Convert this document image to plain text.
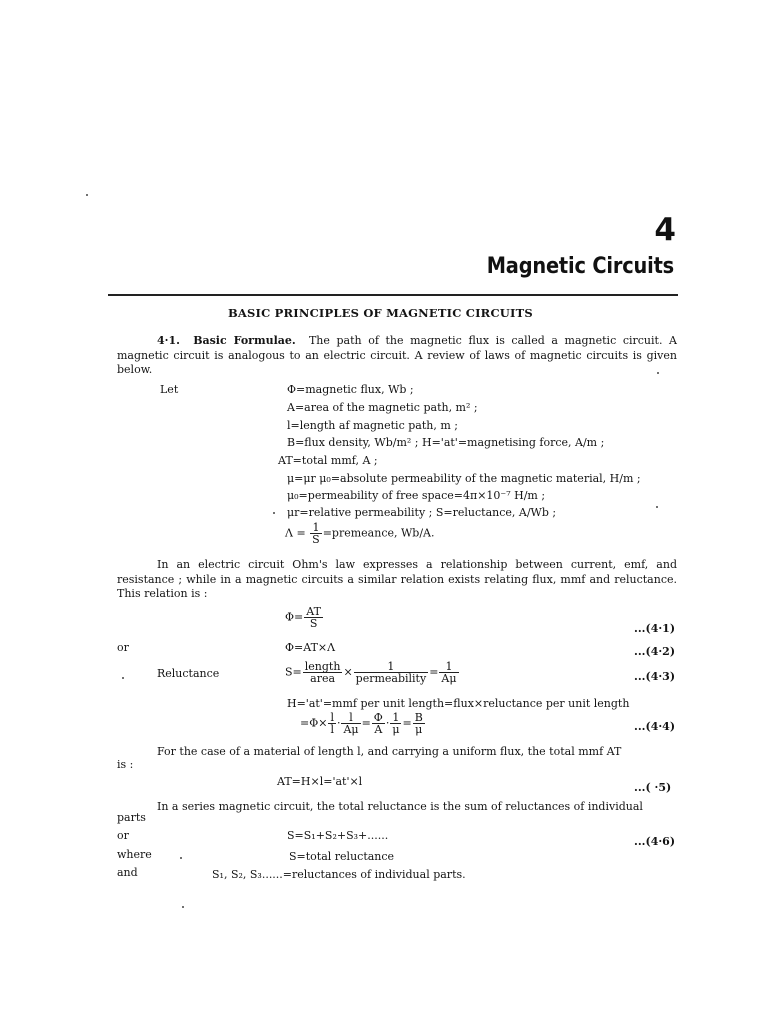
4
Magnetic Circuits
BASIC PRINCIPLES OF MAGNETIC CIRCUITS
4·1. Basic Formulae. The path of the magnetic flux is called a magnetic circuit. A magnetic circuit is analogous to an electric circuit. A review of laws of magnetic circuits is given below.
Let	Φ=magnetic flux, Wb ;
A=area of the magnetic path, m² ;
l=length af magnetic path, m ;
B=flux density, Wb/m² ; H='at'=magnetising force, A/m ;
AT=total mmf, A ;
μ=μr μ₀=absolute permeability of the magnetic material, H/m ;
μ₀=permeability of free space=4π×10⁻⁷ H/m ;
μr=relative permeability ; S=reluctance, A/Wb ;
$\Lambda = \frac{1}{S}$ =premeance, Wb/A.
In an electric circuit Ohm's law expresses a relationship between current, emf, and resistance ; while in a magnetic circuits a similar relation exists relating flux, mmf and reluctance. This relation is :
$\Phi= \frac{AT}{S}$	...(4·1)
or	Φ=AT×Λ	...(4·2)
Reluctance	$S= \frac{\text{length}}{\text{area}} \times \frac{1}{\text{permeability}} = \frac{1}{A\mu}$	...(4·3)
H='at'=mmf per unit length=flux×reluctance per unit length
$=\Phi\times \frac{l}{l} \cdot \frac{l}{A\mu} = \frac{\Phi}{A} \cdot \frac{1}{\mu} = \frac{B}{\mu}$	...(4·4)
For the case of a material of length l, and carrying a uniform flux, the total mmf AT
is :
AT=H×l='at'×l	...( ·5)
In a series magnetic circuit, the total reluctance is the sum of reluctances of individual
parts
or	S=S₁+S₂+S₃+......	...(4·6)
where	S=total reluctance
and	S₁, S₂, S₃......=reluctances of individual parts.
